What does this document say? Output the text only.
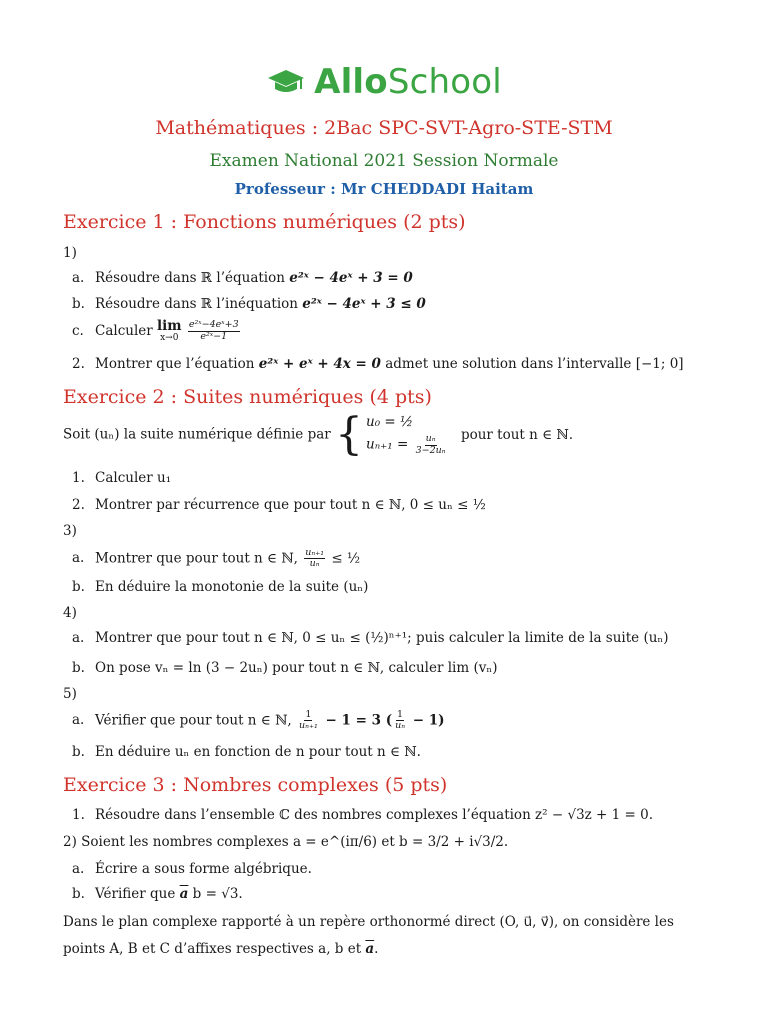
AlloSchool
Mathématiques : 2Bac SPC-SVT-Agro-STE-STM
Examen National 2021 Session Normale
Professeur : Mr CHEDDADI Haitam
Exercice 1 : Fonctions numériques (2 pts)
1)
a. Résoudre dans ℝ l’équation e²ˣ − 4eˣ + 3 = 0
b. Résoudre dans ℝ l’inéquation e²ˣ − 4eˣ + 3 ≤ 0
c. Calculer lim
x→0
$\frac{\text{e²ˣ−4eˣ+3}}{\text{e²ˣ−1}}$
2. Montrer que l’équation e²ˣ + eˣ + 4x = 0 admet une solution dans l’intervalle [−1; 0]
Exercice 2 : Suites numériques (4 pts)
Soit (uₙ) la suite numérique définie par { u₀ = ½
$u_{n+1} = \frac{\text{uₙ}}{\text{3−2uₙ}}$ pour tout n ∈ ℕ.
1. Calculer u₁
2. Montrer par récurrence que pour tout n ∈ ℕ, 0 ≤ uₙ ≤ ½
3)
a. Montrer que pour tout n ∈ ℕ, $\frac{\text{uₙ₊₁}}{\text{uₙ}}$ ≤ ½
b. En déduire la monotonie de la suite (uₙ)
4)
a. Montrer que pour tout n ∈ ℕ, 0 ≤ uₙ ≤ (½)ⁿ⁺¹; puis calculer la limite de la suite (uₙ)
b. On pose vₙ = ln (3 − 2uₙ) pour tout n ∈ ℕ, calculer lim (vₙ)
5)
a. Vérifier que pour tout n ∈ ℕ, $\frac{1}{\text{uₙ₊₁}} - 1 = 3$ ( $\frac{1}{\text{uₙ}} - 1$)
b. En déduire uₙ en fonction de n pour tout n ∈ ℕ.
Exercice 3 : Nombres complexes (5 pts)
1. Résoudre dans l’ensemble ℂ des nombres complexes l’équation z² − √3z + 1 = 0.
2) Soient les nombres complexes a = e^(iπ/6) et b = 3/2 + i√3/2.
a. Écrire a sous forme algébrique.
b. Vérifier que $\overline{a}$ b = √3.
Dans le plan complexe rapporté à un repère orthonormé direct (O, u⃗, v⃗), on considère les
points A, B et C d’affixes respectives a, b et $\overline{a}$.
